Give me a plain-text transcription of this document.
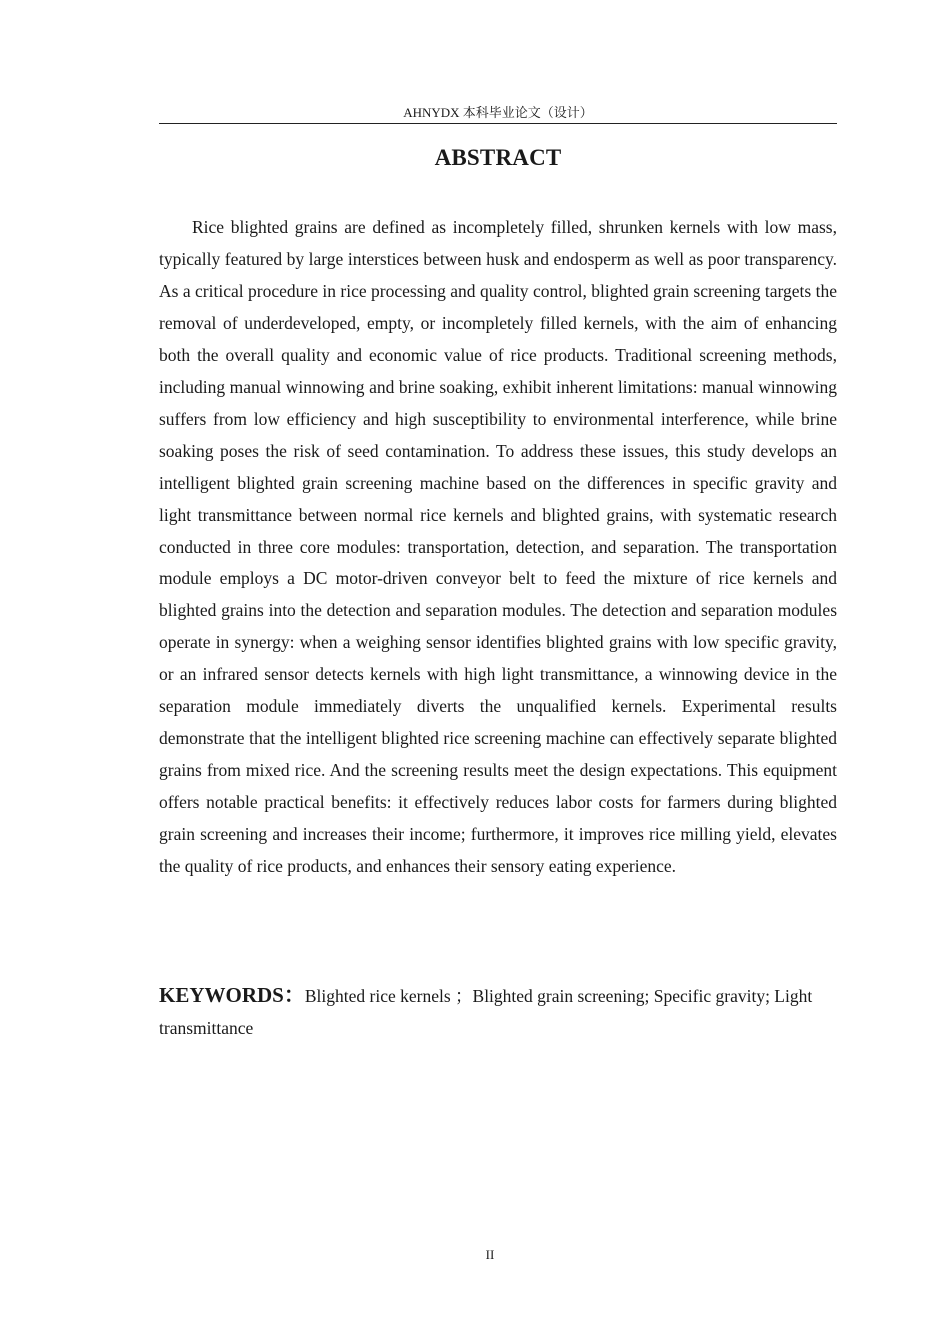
AHNYDX 本科毕业论文（设计）
ABSTRACT

Rice blighted grains are defined as incompletely filled, shrunken kernels with low mass, typically featured by large interstices between husk and endosperm as well as poor transparency. As a critical procedure in rice processing and quality control, blighted grain screening targets the removal of underdeveloped, empty, or incompletely filled kernels, with the aim of enhancing both the overall quality and economic value of rice products. Traditional screening methods, including manual winnowing and brine soaking, exhibit inherent limitations: manual winnowing suffers from low efficiency and high susceptibility to environmental interference, while brine soaking poses the risk of seed contamination. To address these issues, this study develops an intelligent blighted grain screening machine based on the differences in specific gravity and light transmittance between normal rice kernels and blighted grains, with systematic research conducted in three core modules: transportation, detection, and separation. The transportation module employs a DC motor-driven conveyor belt to feed the mixture of rice kernels and blighted grains into the detection and separation modules. The detection and separation modules operate in synergy: when a weighing sensor identifies blighted grains with low specific gravity, or an infrared sensor detects kernels with high light transmittance, a winnowing device in the separation module immediately diverts the unqualified kernels. Experimental results demonstrate that the intelligent blighted rice screening machine can effectively separate blighted grains from mixed rice. And the screening results meet the design expectations. This equipment offers notable practical benefits: it effectively reduces labor costs for farmers during blighted grain screening and increases their income; furthermore, it improves rice milling yield, elevates the quality of rice products, and enhances their sensory eating experience.

KEYWORDS：Blighted rice kernels ；Blighted grain screening; Specific gravity; Light transmittance

II
